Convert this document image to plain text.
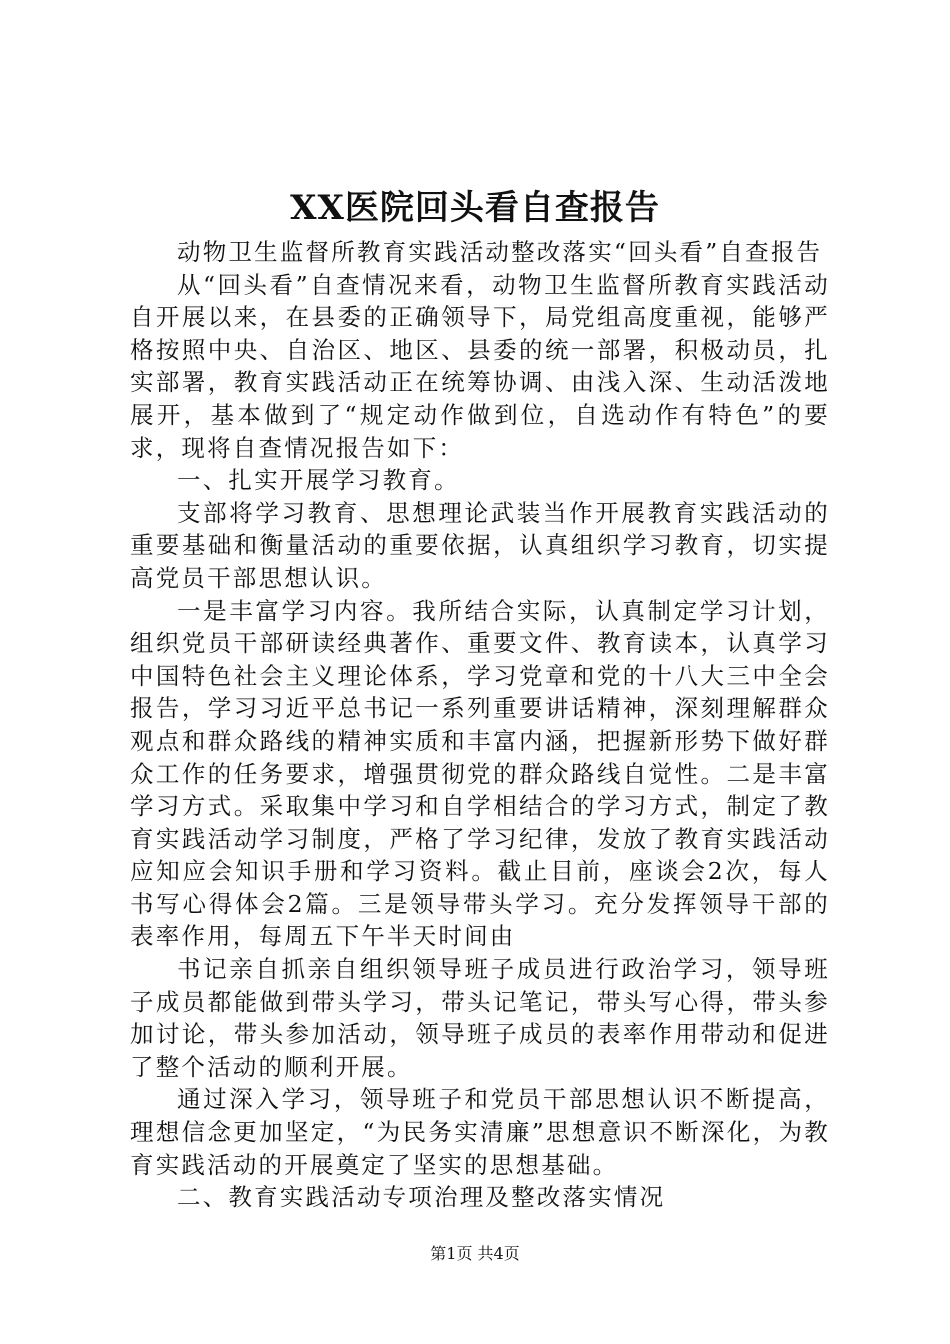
XX医院回头看自查报告

动物卫生监督所教育实践活动整改落实“回头看”自查报告

从“回头看”自查情况来看，动物卫生监督所教育实践活动自开展以来，在县委的正确领导下，局党组高度重视，能够严格按照中央、自治区、地区、县委的统一部署，积极动员，扎实部署，教育实践活动正在统筹协调、由浅入深、生动活泼地展开，基本做到了“规定动作做到位，自选动作有特色”的要求，现将自查情况报告如下：

一、扎实开展学习教育。

支部将学习教育、思想理论武装当作开展教育实践活动的重要基础和衡量活动的重要依据，认真组织学习教育，切实提高党员干部思想认识。

一是丰富学习内容。我所结合实际，认真制定学习计划，组织党员干部研读经典著作、重要文件、教育读本，认真学习中国特色社会主义理论体系，学习党章和党的十八大三中全会报告，学习习近平总书记一系列重要讲话精神，深刻理解群众观点和群众路线的精神实质和丰富内涵，把握新形势下做好群众工作的任务要求，增强贯彻党的群众路线自觉性。二是丰富学习方式。采取集中学习和自学相结合的学习方式，制定了教育实践活动学习制度，严格了学习纪律，发放了教育实践活动应知应会知识手册和学习资料。截止目前，座谈会2次，每人书写心得体会2篇。三是领导带头学习。充分发挥领导干部的表率作用，每周五下午半天时间由

书记亲自抓亲自组织领导班子成员进行政治学习，领导班子成员都能做到带头学习，带头记笔记，带头写心得，带头参加讨论，带头参加活动，领导班子成员的表率作用带动和促进了整个活动的顺利开展。

通过深入学习，领导班子和党员干部思想认识不断提高，理想信念更加坚定，“为民务实清廉”思想意识不断深化，为教育实践活动的开展奠定了坚实的思想基础。

二、教育实践活动专项治理及整改落实情况

第1页 共4页
